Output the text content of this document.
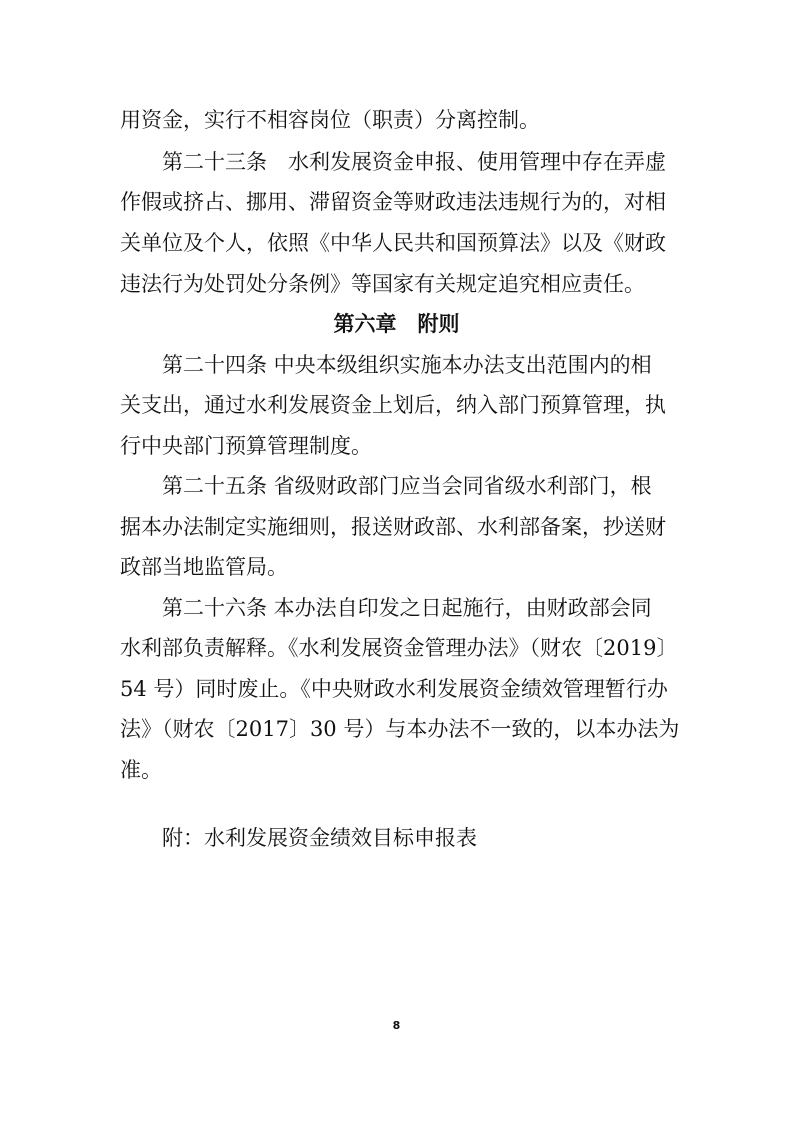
用资金，实行不相容岗位（职责）分离控制。
第二十三条　水利发展资金申报、使用管理中存在弄虚
作假或挤占、挪用、滞留资金等财政违法违规行为的，对相
关单位及个人，依照《中华人民共和国预算法》以及《财政
违法行为处罚处分条例》等国家有关规定追究相应责任。
第六章　附则
第二十四条 中央本级组织实施本办法支出范围内的相
关支出，通过水利发展资金上划后，纳入部门预算管理，执
行中央部门预算管理制度。
第二十五条 省级财政部门应当会同省级水利部门，根
据本办法制定实施细则，报送财政部、水利部备案，抄送财
政部当地监管局。
第二十六条 本办法自印发之日起施行，由财政部会同
水利部负责解释。《水利发展资金管理办法》（财农〔2019〕
54 号）同时废止。《中央财政水利发展资金绩效管理暂行办
法》（财农〔2017〕30 号）与本办法不一致的，以本办法为
准。
附：水利发展资金绩效目标申报表
8
